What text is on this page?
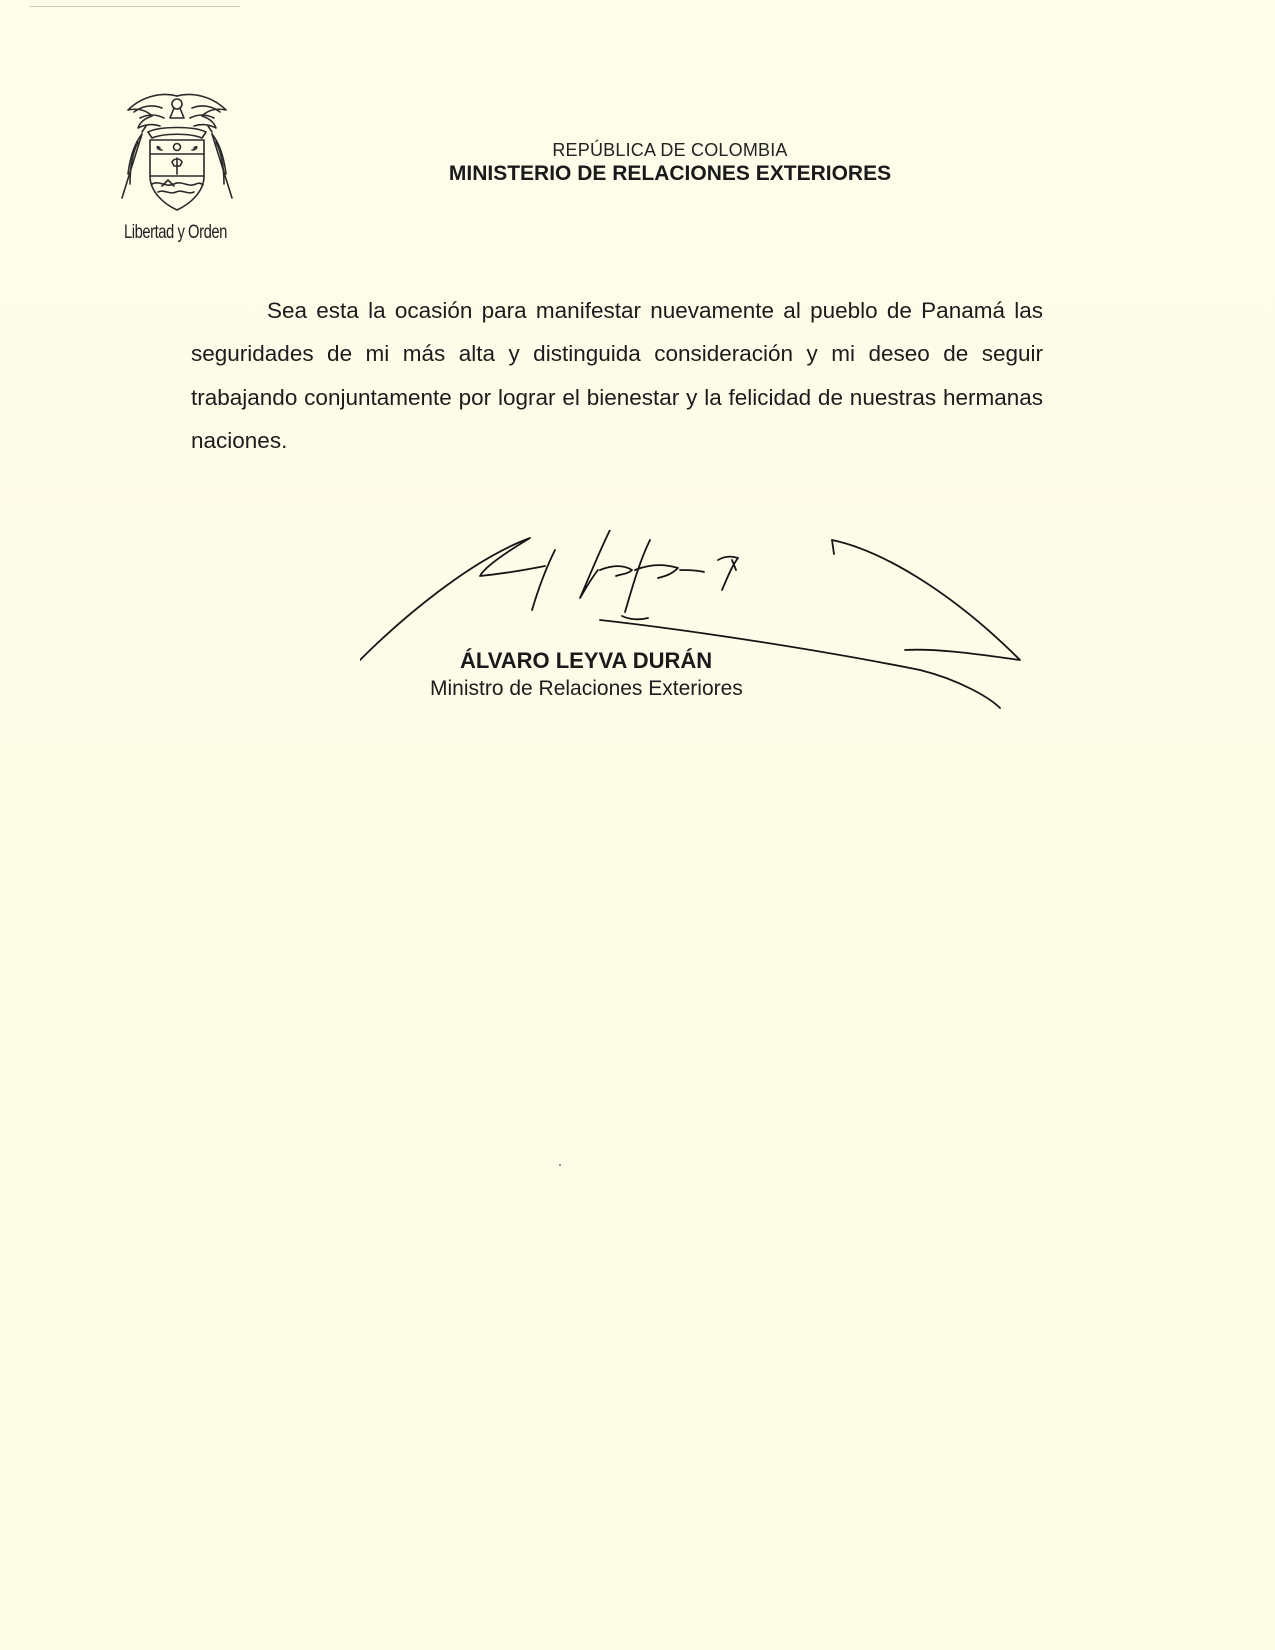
Libertad y Orden
REPÚBLICA DE COLOMBIA
MINISTERIO DE RELACIONES EXTERIORES

Sea esta la ocasión para manifestar nuevamente al pueblo de Panamá las seguridades de mi más alta y distinguida consideración y mi deseo de seguir trabajando conjuntamente por lograr el bienestar y la felicidad de nuestras hermanas naciones.

ÁLVARO LEYVA DURÁN
Ministro de Relaciones Exteriores
